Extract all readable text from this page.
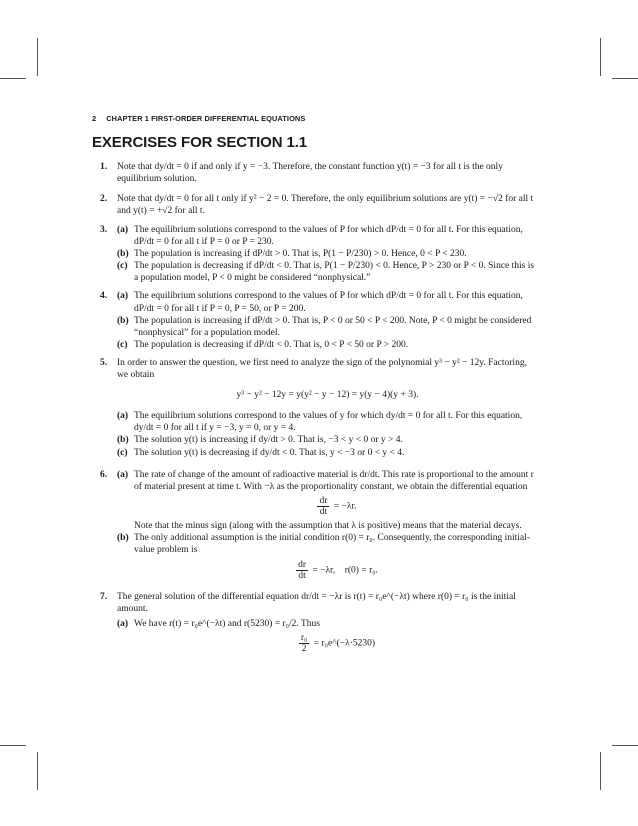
2 CHAPTER 1 FIRST-ORDER DIFFERENTIAL EQUATIONS
EXERCISES FOR SECTION 1.1
1. Note that dy/dt = 0 if and only if y = −3. Therefore, the constant function y(t) = −3 for all t is the only equilibrium solution.
2. Note that dy/dt = 0 for all t only if y² − 2 = 0. Therefore, the only equilibrium solutions are y(t) = −√2 for all t and y(t) = +√2 for all t.
3. (a) The equilibrium solutions correspond to the values of P for which dP/dt = 0 for all t. For this equation, dP/dt = 0 for all t if P = 0 or P = 230.
(b) The population is increasing if dP/dt > 0. That is, P(1 − P/230) > 0. Hence, 0 < P < 230.
(c) The population is decreasing if dP/dt < 0. That is, P(1 − P/230) < 0. Hence, P > 230 or P < 0. Since this is a population model, P < 0 might be considered “nonphysical.”
4. (a) The equilibrium solutions correspond to the values of P for which dP/dt = 0 for all t. For this equation, dP/dt = 0 for all t if P = 0, P = 50, or P = 200.
(b) The population is increasing if dP/dt > 0. That is, P < 0 or 50 < P < 200. Note, P < 0 might be considered “nonphysical” for a population model.
(c) The population is decreasing if dP/dt < 0. That is, 0 < P < 50 or P > 200.
5. In order to answer the question, we first need to analyze the sign of the polynomial y³ − y² − 12y. Factoring, we obtain
y³ − y² − 12y = y(y² − y − 12) = y(y − 4)(y + 3).
(a) The equilibrium solutions correspond to the values of y for which dy/dt = 0 for all t. For this equation, dy/dt = 0 for all t if y = −3, y = 0, or y = 4.
(b) The solution y(t) is increasing if dy/dt > 0. That is, −3 < y < 0 or y > 4.
(c) The solution y(t) is decreasing if dy/dt < 0. That is, y < −3 or 0 < y < 4.
6. (a) The rate of change of the amount of radioactive material is dr/dt. This rate is proportional to the amount r of material present at time t. With −λ as the proportionality constant, we obtain the differential equation
$\frac{dr}{dt} = -\lambda r$.
Note that the minus sign (along with the assumption that λ is positive) means that the material decays.
(b) The only additional assumption is the initial condition r(0) = r₀. Consequently, the corresponding initial-value problem is
$\frac{dr}{dt} = -\lambda r$,    r(0) = r₀.
7. The general solution of the differential equation dr/dt = −λr is r(t) = r₀e^(−λt) where r(0) = r₀ is the initial amount.
(a) We have r(t) = r₀e^(−λt) and r(5230) = r₀/2. Thus
$\frac{\text{r₀}}{2}$ = r₀e^(−λ·5230)
